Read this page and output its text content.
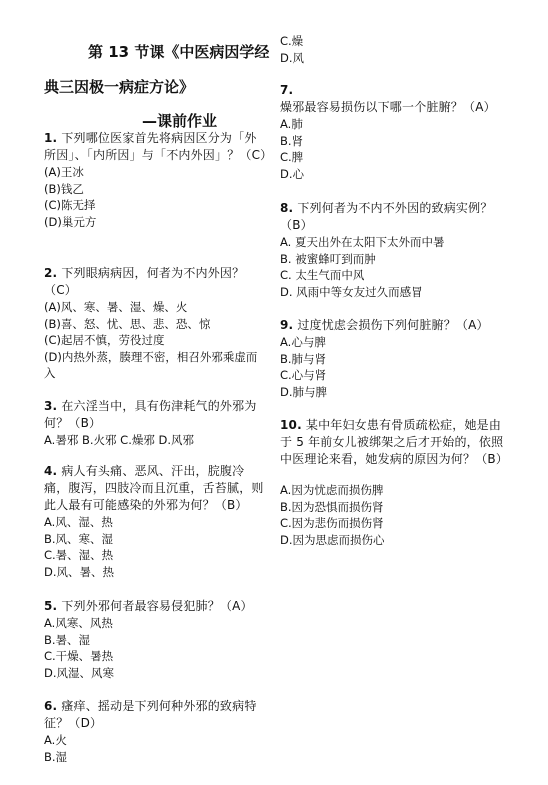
第 13 节课《中医病因学经
典三因极一病症方论》
—课前作业
1. 下列哪位医家首先将病因区分为「外所因」、「内所因」与「不内外因」？（C）
(A)王冰
(B)钱乙
(C)陈无择
(D)巢元方
2. 下列眼病病因，何者为不内外因？（C）
(A)风、寒、暑、湿、燥、火
(B)喜、怒、忧、思、悲、恐、惊
(C)起居不慎，劳役过度
(D)内热外蒸，腠理不密，相召外邪乘虚而入
3. 在六淫当中，具有伤津耗气的外邪为何？（B）
A.暑邪 B.火邪 C.燥邪 D.风邪
4. 病人有头痛、恶风、汗出，脘腹冷痛，腹泻，四肢冷而且沉重，舌苔腻，则此人最有可能感染的外邪为何？（B）
A.风、湿、热
B.风、寒、湿
C.暑、湿、热
D.风、暑、热
5. 下列外邪何者最容易侵犯肺？（A）
A.风寒、风热
B.暑、湿
C.干燥、暑热
D.风湿、风寒
6. 瘙痒、摇动是下列何种外邪的致病特征？（D）
A.火
B.湿
C.燥
D.风
7. 燥邪最容易损伤以下哪一个脏腑？（A）
A.肺
B.肾
C.脾
D.心
8. 下列何者为不内不外因的致病实例？（B）
A. 夏天出外在太阳下太外而中暑
B. 被蜜蜂叮到而肿
C. 太生气而中风
D. 风雨中等女友过久而感冒
9. 过度忧虑会损伤下列何脏腑？（A）
A.心与脾
B.肺与肾
C.心与肾
D.肺与脾
10. 某中年妇女患有骨质疏松症，她是由于 5 年前女儿被绑架之后才开始的，依照中医理论来看，她发病的原因为何？（B）
A.因为忧虑而损伤脾
B.因为恐惧而损伤肾
C.因为悲伤而损伤肾
D.因为思虑而损伤心
